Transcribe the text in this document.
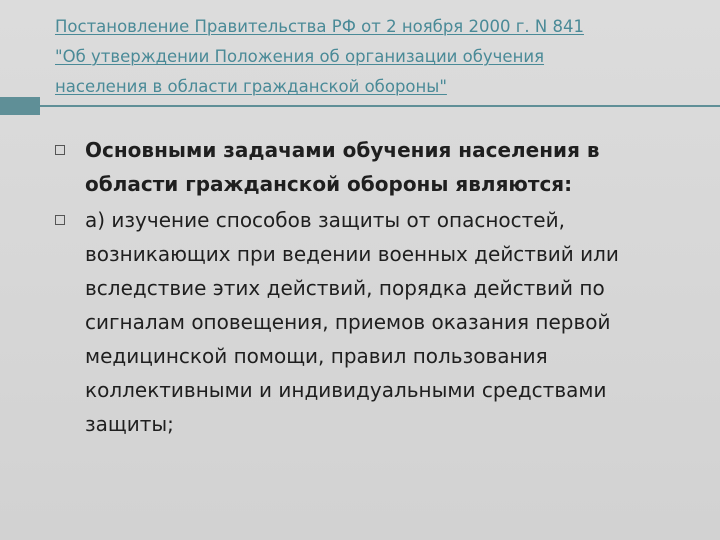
Постановление Правительства РФ от 2 ноября 2000 г. N 841
"Об утверждении Положения об организации обучения
населения в области гражданской обороны"
Основными задачами обучения населения в
области гражданской обороны являются:
а) изучение способов защиты от опасностей,
возникающих при ведении военных действий или
вследствие этих действий, порядка действий по
сигналам оповещения, приемов оказания первой
медицинской помощи, правил пользования
коллективными и индивидуальными средствами
защиты;
